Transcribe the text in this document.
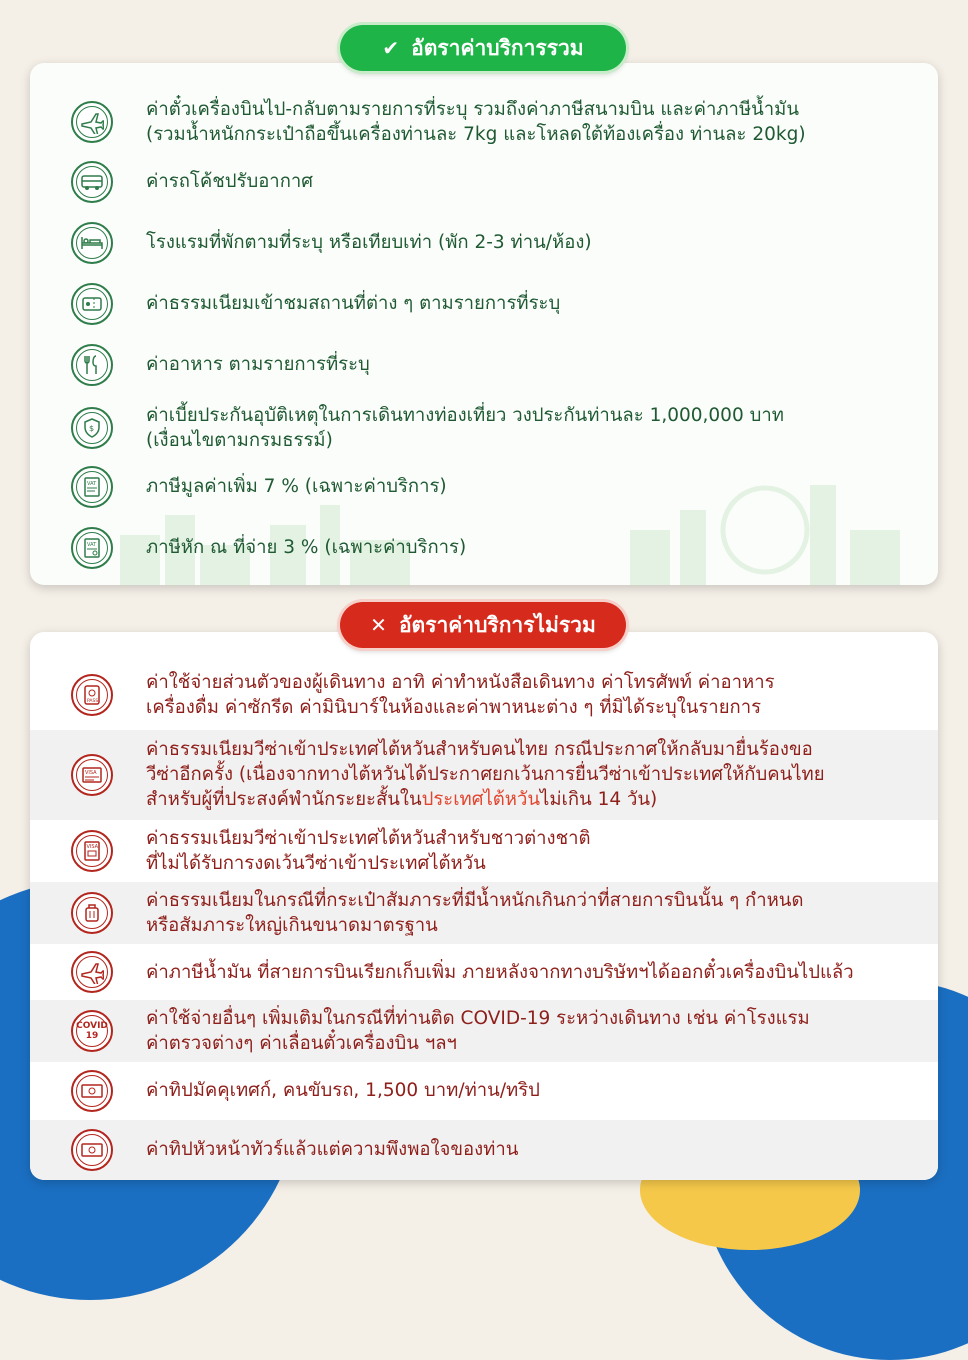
✔ อัตราค่าบริการรวม
ค่าตั๋วเครื่องบินไป-กลับตามรายการที่ระบุ รวมถึงค่าภาษีสนามบิน และค่าภาษีน้ำมัน
(รวมน้ำหนักกระเป๋าถือขึ้นเครื่องท่านละ 7kg และโหลดใต้ท้องเครื่อง ท่านละ 20kg)
ค่ารถโค้ชปรับอากาศ
โรงแรมที่พักตามที่ระบุ หรือเทียบเท่า (พัก 2-3 ท่าน/ห้อง)
ค่าธรรมเนียมเข้าชมสถานที่ต่าง ๆ ตามรายการที่ระบุ
ค่าอาหาร ตามรายการที่ระบุ
$
ค่าเบี้ยประกันอุบัติเหตุในการเดินทางท่องเที่ยว วงประกันท่านละ 1,000,000 บาท
(เงื่อนไขตามกรมธรรม์)
VAT	ภาษีมูลค่าเพิ่ม 7 % (เฉพาะค่าบริการ)
VAT	ภาษีหัก ณ ที่จ่าย 3 % (เฉพาะค่าบริการ)
✕ อัตราค่าบริการไม่รวม
PASS
ค่าใช้จ่ายส่วนตัวของผู้เดินทาง อาทิ ค่าทำหนังสือเดินทาง ค่าโทรศัพท์ ค่าอาหาร
เครื่องดื่ม ค่าซักรีด ค่ามินิบาร์ในห้องและค่าพาหนะต่าง ๆ ที่มิได้ระบุในรายการ
VISA
ค่าธรรมเนียมวีซ่าเข้าประเทศไต้หวันสำหรับคนไทย กรณีประกาศให้กลับมายื่นร้องขอ
วีซ่าอีกครั้ง (เนื่องจากทางไต้หวันได้ประกาศยกเว้นการยื่นวีซ่าเข้าประเทศให้กับคนไทย
สำหรับผู้ที่ประสงค์พำนักระยะสั้นในประเทศไต้หวันไม่เกิน 14 วัน)
VISA	ค่าธรรมเนียมวีซ่าเข้าประเทศไต้หวันสำหรับชาวต่างชาติ
ที่ไม่ได้รับการงดเว้นวีซ่าเข้าประเทศไต้หวัน
ค่าธรรมเนียมในกรณีที่กระเป๋าสัมภาระที่มีน้ำหนักเกินกว่าที่สายการบินนั้น ๆ กำหนด
หรือสัมภาระใหญ่เกินขนาดมาตรฐาน
ค่าภาษีน้ำมัน ที่สายการบินเรียกเก็บเพิ่ม ภายหลังจากทางบริษัทฯได้ออกตั๋วเครื่องบินไปแล้ว
COVID
19
ค่าใช้จ่ายอื่นๆ เพิ่มเติมในกรณีที่ท่านติด COVID-19 ระหว่างเดินทาง เช่น ค่าโรงแรม
ค่าตรวจต่างๆ ค่าเลื่อนตั๋วเครื่องบิน ฯลฯ
ค่าทิปมัคคุเทศก์, คนขับรถ, 1,500 บาท/ท่าน/ทริป
ค่าทิปหัวหน้าทัวร์แล้วแต่ความพึงพอใจของท่าน
